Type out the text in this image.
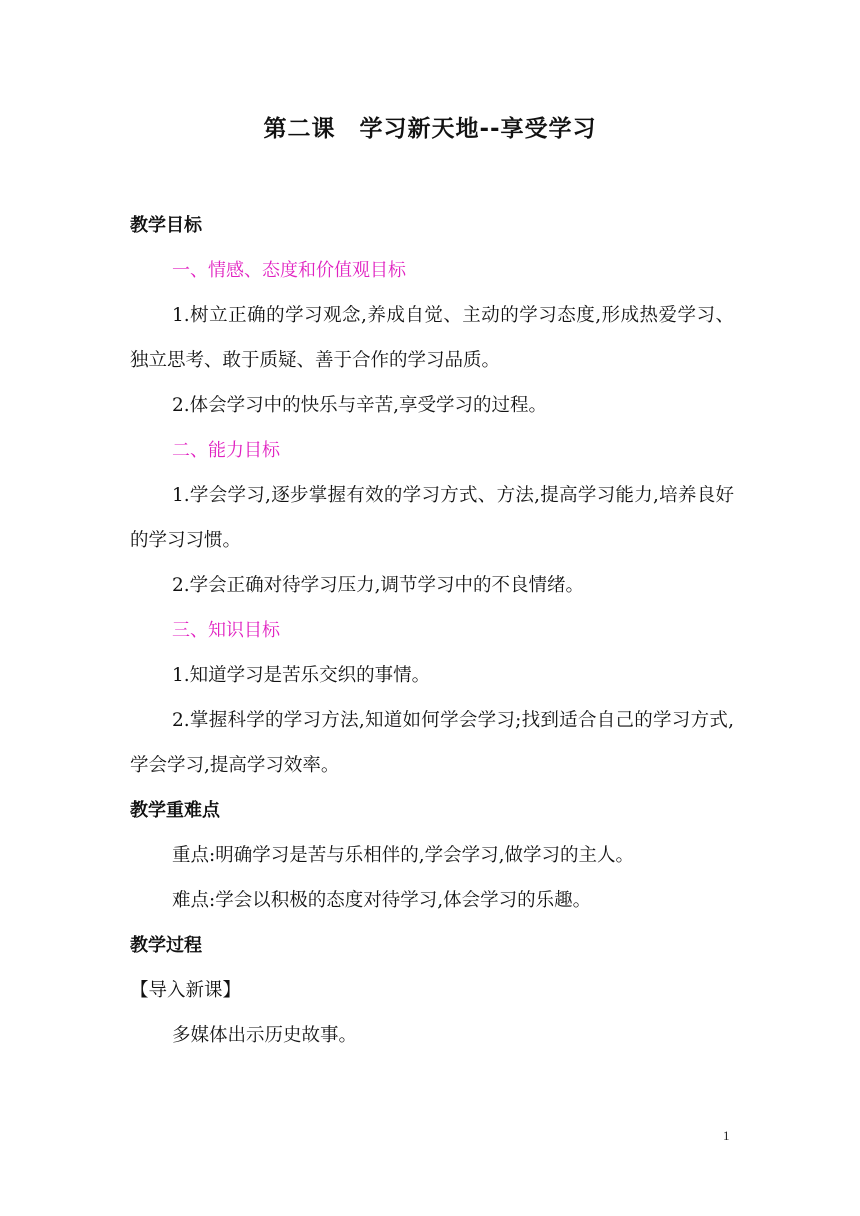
第二课　学习新天地--享受学习

教学目标

一、情感、态度和价值观目标

1.树立正确的学习观念,养成自觉、主动的学习态度,形成热爱学习、独立思考、敢于质疑、善于合作的学习品质。

2.体会学习中的快乐与辛苦,享受学习的过程。

二、能力目标

1.学会学习,逐步掌握有效的学习方式、方法,提高学习能力,培养良好的学习习惯。

2.学会正确对待学习压力,调节学习中的不良情绪。

三、知识目标

1.知道学习是苦乐交织的事情。

2.掌握科学的学习方法,知道如何学会学习;找到适合自己的学习方式,学会学习,提高学习效率。

教学重难点

重点:明确学习是苦与乐相伴的,学会学习,做学习的主人。

难点:学会以积极的态度对待学习,体会学习的乐趣。

教学过程

【导入新课】

多媒体出示历史故事。

1
